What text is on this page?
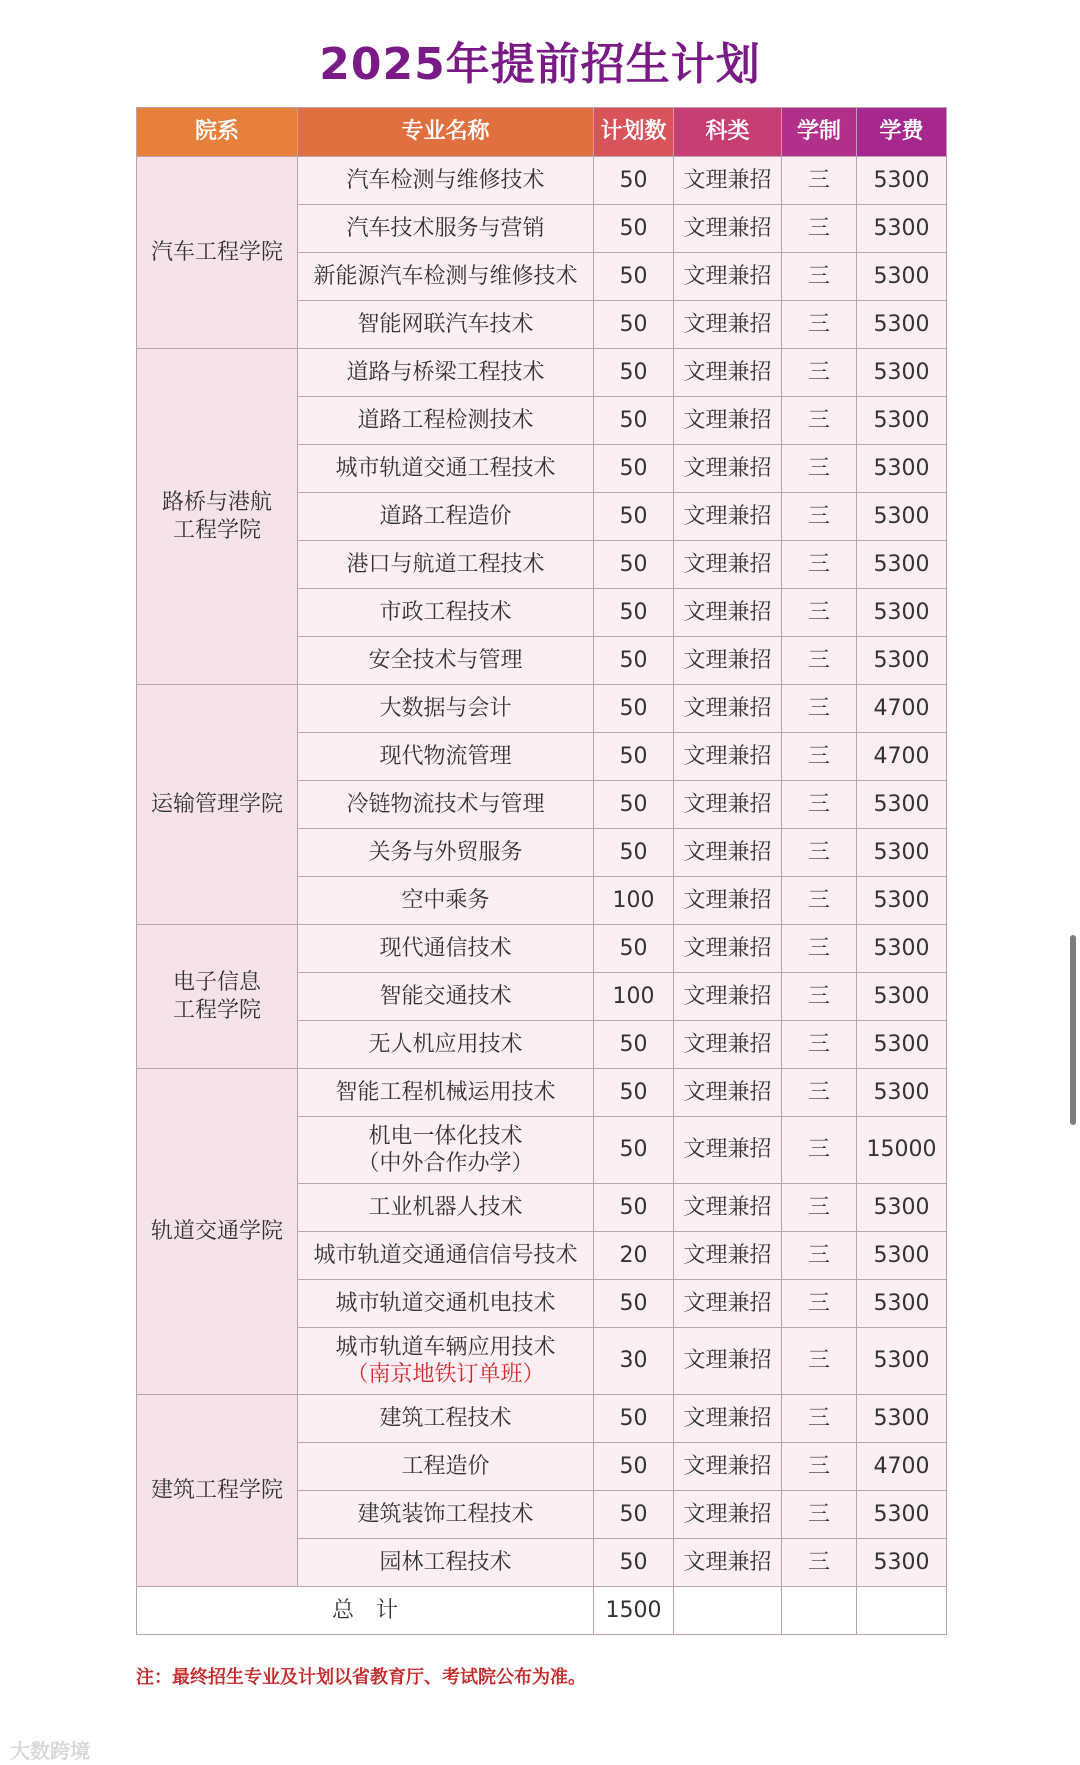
2025年提前招生计划
院系	专业名称	计划数	科类	学制	学费
汽车工程学院	汽车检测与维修技术	50	文理兼招	三	5300

	汽车技术服务与营销	50	文理兼招	三	5300

	新能源汽车检测与维修技术	50	文理兼招	三	5300

	智能网联汽车技术	50	文理兼招	三	5300
路桥与港航
工程学院	道路与桥梁工程技术	50	文理兼招	三	5300

	道路工程检测技术	50	文理兼招	三	5300

	城市轨道交通工程技术	50	文理兼招	三	5300

	道路工程造价	50	文理兼招	三	5300

	港口与航道工程技术	50	文理兼招	三	5300

	市政工程技术	50	文理兼招	三	5300

	安全技术与管理	50	文理兼招	三	5300
运输管理学院	大数据与会计	50	文理兼招	三	4700

	现代物流管理	50	文理兼招	三	4700

	冷链物流技术与管理	50	文理兼招	三	5300

	关务与外贸服务	50	文理兼招	三	5300

	空中乘务	100	文理兼招	三	5300
电子信息
工程学院	现代通信技术	50	文理兼招	三	5300

	智能交通技术	100	文理兼招	三	5300

	无人机应用技术	50	文理兼招	三	5300
轨道交通学院	智能工程机械运用技术	50	文理兼招	三	5300

	机电一体化技术
（中外合作办学）	50	文理兼招	三	15000

	工业机器人技术	50	文理兼招	三	5300

	城市轨道交通通信信号技术	20	文理兼招	三	5300

	城市轨道交通机电技术	50	文理兼招	三	5300

	城市轨道车辆应用技术
（南京地铁订单班）	30	文理兼招	三	5300
建筑工程学院	建筑工程技术	50	文理兼招	三	5300

	工程造价	50	文理兼招	三	4700

	建筑装饰工程技术	50	文理兼招	三	5300

	园林工程技术	50	文理兼招	三	5300
总　计		1500			
注：最终招生专业及计划以省教育厅、考试院公布为准。
大数跨境
